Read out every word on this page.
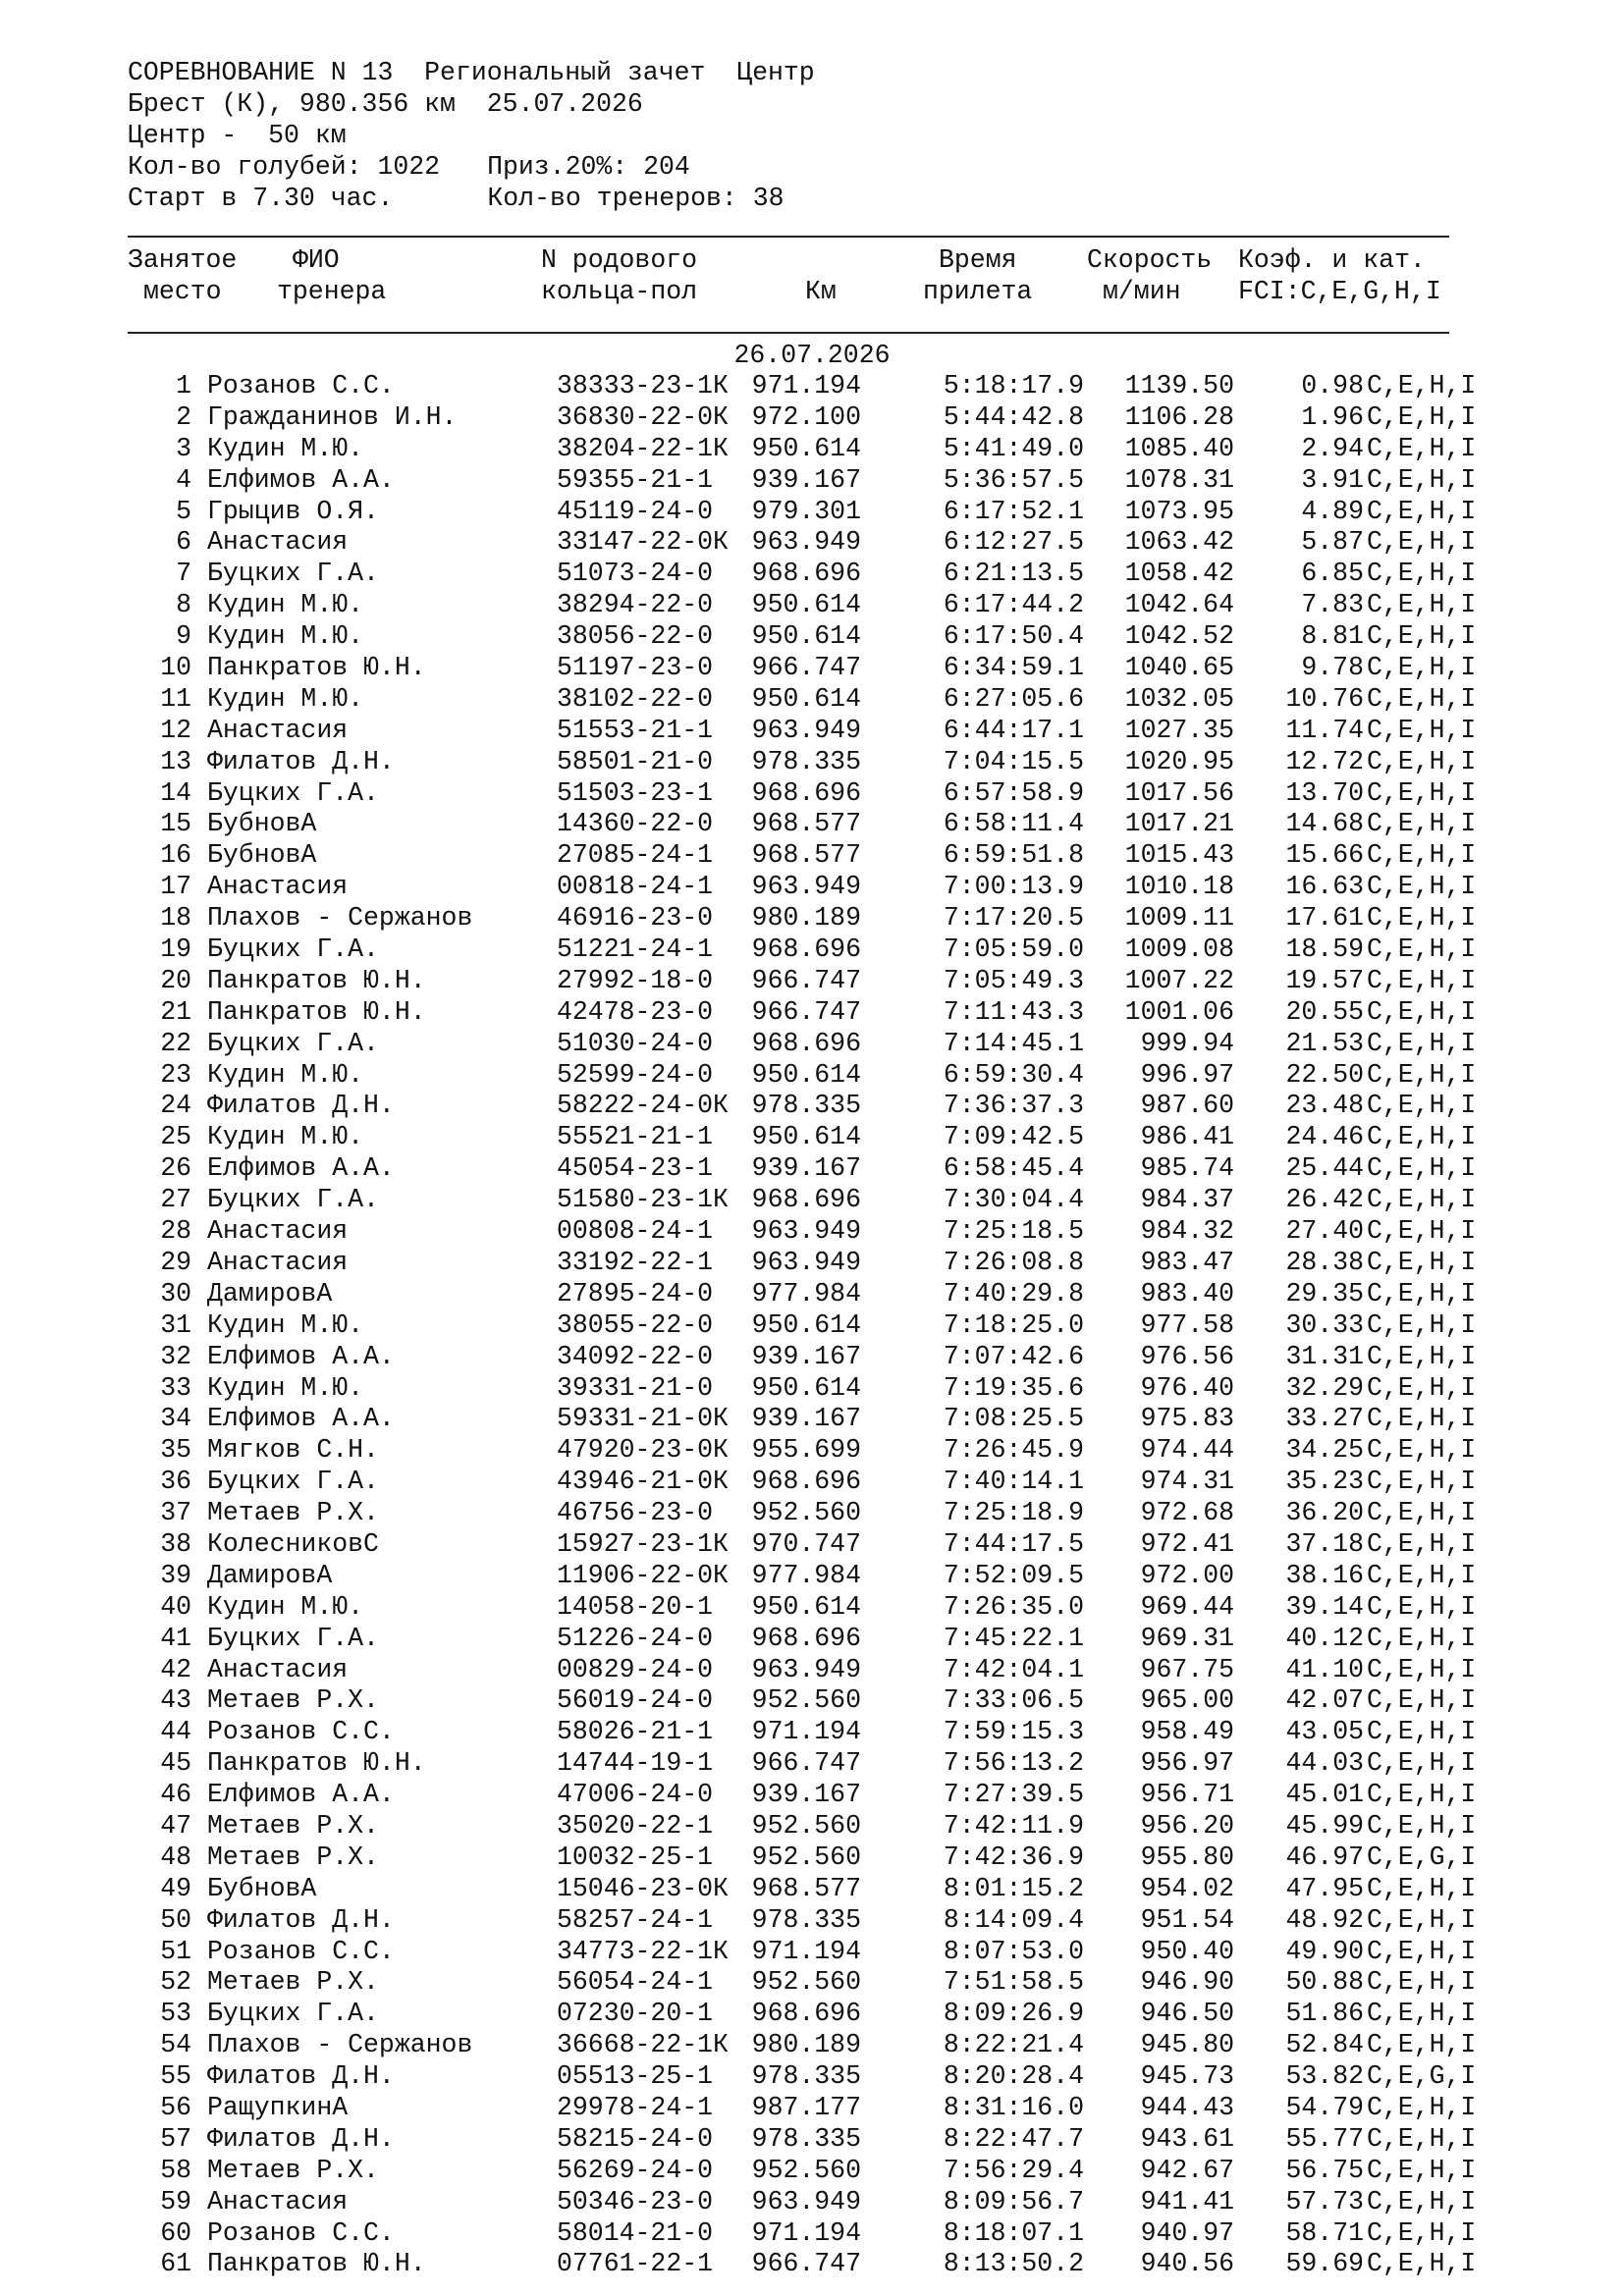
СОРЕВНОВАНИЕ N 13  Региональный зачет  Центр
Брест (К), 980.356 км  25.07.2026
Центр -  50 км
Кол-во голубей: 1022 Приз.20%: 204
Старт в 7.30 час.	Кол-во тренеров: 38
Занятое ФИО	N родового	Время	Скорость Коэф. и кат.
место тренера	кольца-пол	Км	прилета	м/мин FCI:C,E,G,H,I
26.07.2026
1 Розанов С.С.	38333-23-1К 971.194	5:18:17.9 1139.50	0.98 C,E,H,I
2 Гражданинов И.Н.	36830-22-0К 972.100	5:44:42.8 1106.28	1.96 C,E,H,I
3 Кудин М.Ю.	38204-22-1К 950.614	5:41:49.0 1085.40	2.94 C,E,H,I
4 Елфимов А.А.	59355-21-1 939.167	5:36:57.5 1078.31	3.91 C,E,H,I
5 Грыцив О.Я.	45119-24-0 979.301	6:17:52.1 1073.95	4.89 C,E,H,I
6 Анастасия	33147-22-0К 963.949	6:12:27.5 1063.42	5.87 C,E,H,I
7 Буцких Г.А.	51073-24-0 968.696	6:21:13.5 1058.42	6.85 C,E,H,I
8 Кудин М.Ю.	38294-22-0 950.614	6:17:44.2 1042.64	7.83 C,E,H,I
9 Кудин М.Ю.	38056-22-0 950.614	6:17:50.4 1042.52	8.81 C,E,H,I
10 Панкратов Ю.Н.	51197-23-0 966.747	6:34:59.1 1040.65	9.78 C,E,H,I
11 Кудин М.Ю.	38102-22-0 950.614	6:27:05.6 1032.05 10.76 C,E,H,I
12 Анастасия	51553-21-1 963.949	6:44:17.1 1027.35 11.74 C,E,H,I
13 Филатов Д.Н.	58501-21-0 978.335	7:04:15.5 1020.95 12.72 C,E,H,I
14 Буцких Г.А.	51503-23-1 968.696	6:57:58.9 1017.56 13.70 C,E,H,I
15 БубновА	14360-22-0 968.577	6:58:11.4 1017.21 14.68 C,E,H,I
16 БубновА	27085-24-1 968.577	6:59:51.8 1015.43 15.66 C,E,H,I
17 Анастасия	00818-24-1 963.949	7:00:13.9 1010.18 16.63 C,E,H,I
18 Плахов - Сержанов	46916-23-0 980.189	7:17:20.5 1009.11 17.61 C,E,H,I
19 Буцких Г.А.	51221-24-1 968.696	7:05:59.0 1009.08 18.59 C,E,H,I
20 Панкратов Ю.Н.	27992-18-0 966.747	7:05:49.3 1007.22 19.57 C,E,H,I
21 Панкратов Ю.Н.	42478-23-0 966.747	7:11:43.3 1001.06 20.55 C,E,H,I
22 Буцких Г.А.	51030-24-0 968.696	7:14:45.1 999.94 21.53 C,E,H,I
23 Кудин М.Ю.	52599-24-0 950.614	6:59:30.4 996.97 22.50 C,E,H,I
24 Филатов Д.Н.	58222-24-0К 978.335	7:36:37.3 987.60 23.48 C,E,H,I
25 Кудин М.Ю.	55521-21-1 950.614	7:09:42.5 986.41 24.46 C,E,H,I
26 Елфимов А.А.	45054-23-1 939.167	6:58:45.4 985.74 25.44 C,E,H,I
27 Буцких Г.А.	51580-23-1К 968.696	7:30:04.4 984.37 26.42 C,E,H,I
28 Анастасия	00808-24-1 963.949	7:25:18.5 984.32 27.40 C,E,H,I
29 Анастасия	33192-22-1 963.949	7:26:08.8 983.47 28.38 C,E,H,I
30 ДамировА	27895-24-0 977.984	7:40:29.8 983.40 29.35 C,E,H,I
31 Кудин М.Ю.	38055-22-0 950.614	7:18:25.0 977.58 30.33 C,E,H,I
32 Елфимов А.А.	34092-22-0 939.167	7:07:42.6 976.56 31.31 C,E,H,I
33 Кудин М.Ю.	39331-21-0 950.614	7:19:35.6 976.40 32.29 C,E,H,I
34 Елфимов А.А.	59331-21-0К 939.167	7:08:25.5 975.83 33.27 C,E,H,I
35 Мягков С.Н.	47920-23-0К 955.699	7:26:45.9 974.44 34.25 C,E,H,I
36 Буцких Г.А.	43946-21-0К 968.696	7:40:14.1 974.31 35.23 C,E,H,I
37 Метаев Р.Х.	46756-23-0 952.560	7:25:18.9 972.68 36.20 C,E,H,I
38 КолесниковС	15927-23-1К 970.747	7:44:17.5 972.41 37.18 C,E,H,I
39 ДамировА	11906-22-0К 977.984	7:52:09.5 972.00 38.16 C,E,H,I
40 Кудин М.Ю.	14058-20-1 950.614	7:26:35.0 969.44 39.14 C,E,H,I
41 Буцких Г.А.	51226-24-0 968.696	7:45:22.1 969.31 40.12 C,E,H,I
42 Анастасия	00829-24-0 963.949	7:42:04.1 967.75 41.10 C,E,H,I
43 Метаев Р.Х.	56019-24-0 952.560	7:33:06.5 965.00 42.07 C,E,H,I
44 Розанов С.С.	58026-21-1 971.194	7:59:15.3 958.49 43.05 C,E,H,I
45 Панкратов Ю.Н.	14744-19-1 966.747	7:56:13.2 956.97 44.03 C,E,H,I
46 Елфимов А.А.	47006-24-0 939.167	7:27:39.5 956.71 45.01 C,E,H,I
47 Метаев Р.Х.	35020-22-1 952.560	7:42:11.9 956.20 45.99 C,E,H,I
48 Метаев Р.Х.	10032-25-1 952.560	7:42:36.9 955.80 46.97 C,E,G,I
49 БубновА	15046-23-0К 968.577	8:01:15.2 954.02 47.95 C,E,H,I
50 Филатов Д.Н.	58257-24-1 978.335	8:14:09.4 951.54 48.92 C,E,H,I
51 Розанов С.С.	34773-22-1К 971.194	8:07:53.0 950.40 49.90 C,E,H,I
52 Метаев Р.Х.	56054-24-1 952.560	7:51:58.5 946.90 50.88 C,E,H,I
53 Буцких Г.А.	07230-20-1 968.696	8:09:26.9 946.50 51.86 C,E,H,I
54 Плахов - Сержанов	36668-22-1К 980.189	8:22:21.4 945.80 52.84 C,E,H,I
55 Филатов Д.Н.	05513-25-1 978.335	8:20:28.4 945.73 53.82 C,E,G,I
56 РащупкинА	29978-24-1 987.177	8:31:16.0 944.43 54.79 C,E,H,I
57 Филатов Д.Н.	58215-24-0 978.335	8:22:47.7 943.61 55.77 C,E,H,I
58 Метаев Р.Х.	56269-24-0 952.560	7:56:29.4 942.67 56.75 C,E,H,I
59 Анастасия	50346-23-0 963.949	8:09:56.7 941.41 57.73 C,E,H,I
60 Розанов С.С.	58014-21-0 971.194	8:18:07.1 940.97 58.71 C,E,H,I
61 Панкратов Ю.Н.	07761-22-1 966.747	8:13:50.2 940.56 59.69 C,E,H,I
